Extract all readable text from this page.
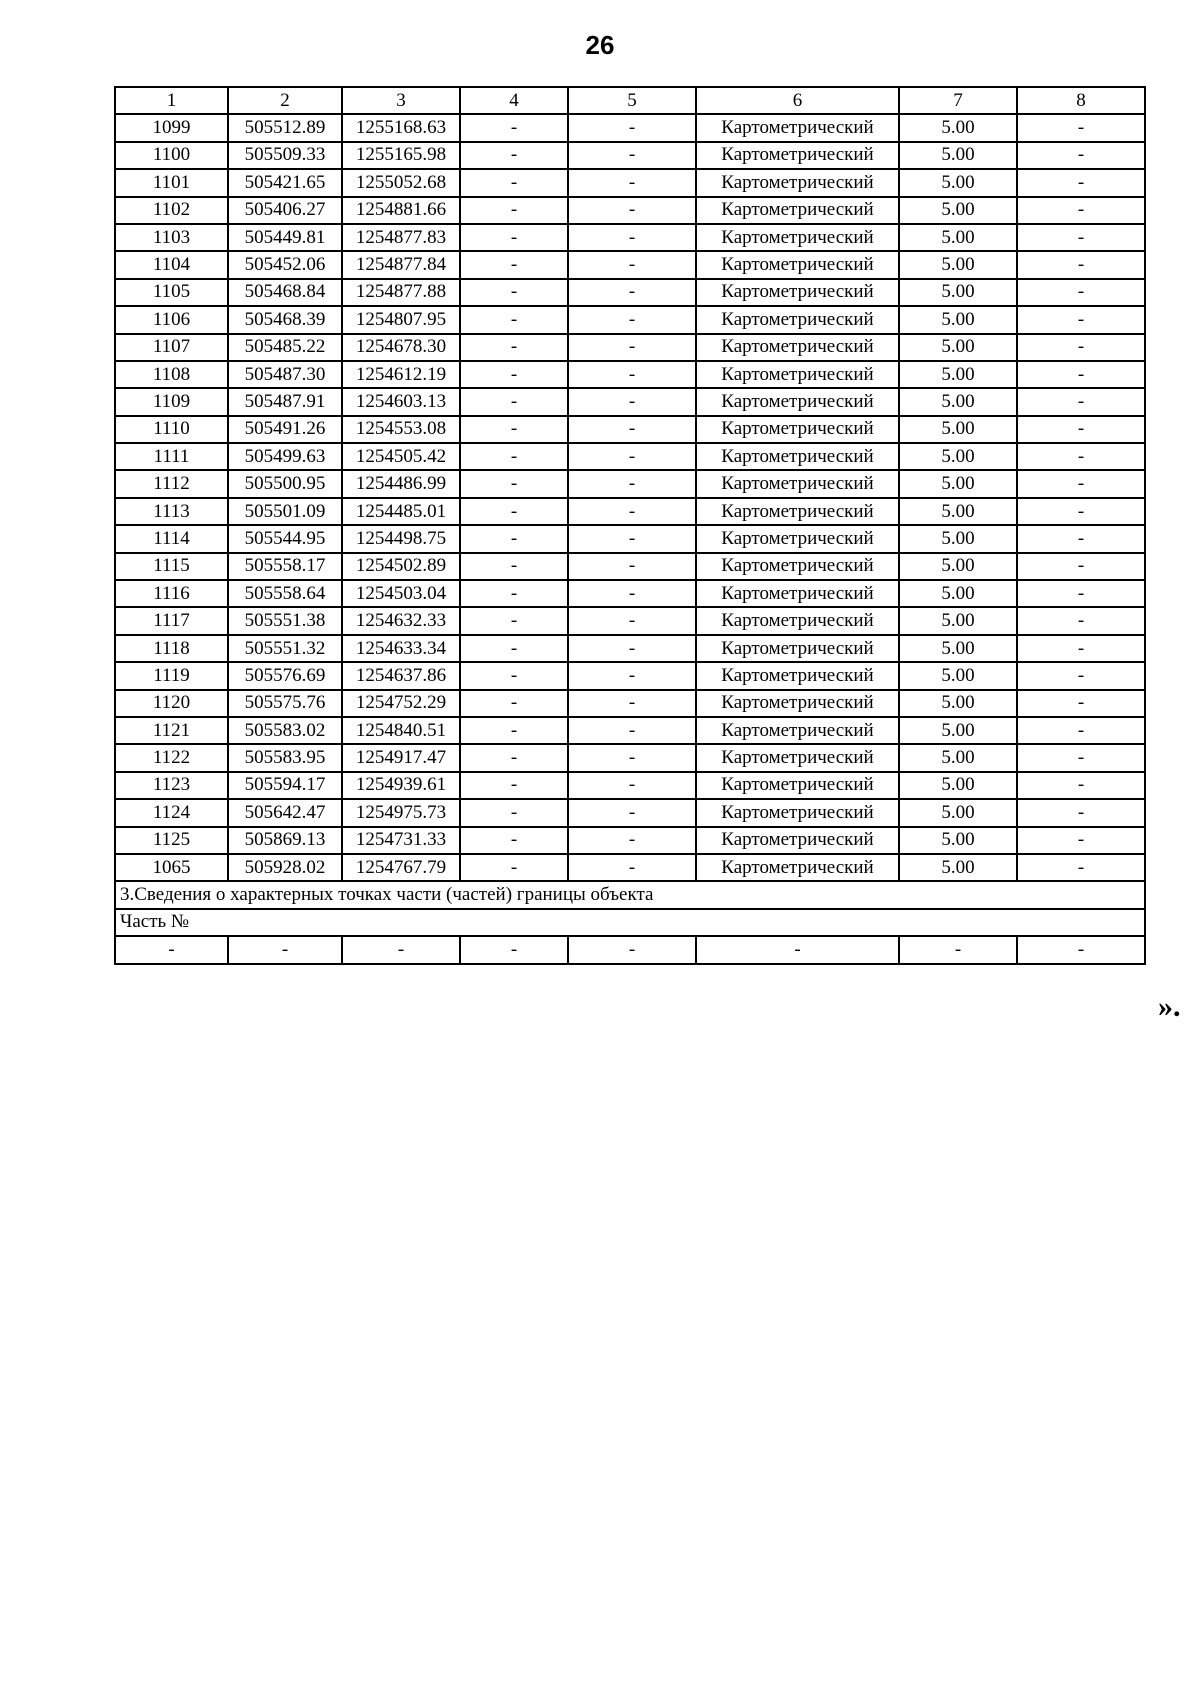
26
1	2	3	4	5	6	7	8
1099	505512.89	1255168.63	-	-	Картометрический	5.00	-
1100	505509.33	1255165.98	-	-	Картометрический	5.00	-
1101	505421.65	1255052.68	-	-	Картометрический	5.00	-
1102	505406.27	1254881.66	-	-	Картометрический	5.00	-
1103	505449.81	1254877.83	-	-	Картометрический	5.00	-
1104	505452.06	1254877.84	-	-	Картометрический	5.00	-
1105	505468.84	1254877.88	-	-	Картометрический	5.00	-
1106	505468.39	1254807.95	-	-	Картометрический	5.00	-
1107	505485.22	1254678.30	-	-	Картометрический	5.00	-
1108	505487.30	1254612.19	-	-	Картометрический	5.00	-
1109	505487.91	1254603.13	-	-	Картометрический	5.00	-
1110	505491.26	1254553.08	-	-	Картометрический	5.00	-
1111	505499.63	1254505.42	-	-	Картометрический	5.00	-
1112	505500.95	1254486.99	-	-	Картометрический	5.00	-
1113	505501.09	1254485.01	-	-	Картометрический	5.00	-
1114	505544.95	1254498.75	-	-	Картометрический	5.00	-
1115	505558.17	1254502.89	-	-	Картометрический	5.00	-
1116	505558.64	1254503.04	-	-	Картометрический	5.00	-
1117	505551.38	1254632.33	-	-	Картометрический	5.00	-
1118	505551.32	1254633.34	-	-	Картометрический	5.00	-
1119	505576.69	1254637.86	-	-	Картометрический	5.00	-
1120	505575.76	1254752.29	-	-	Картометрический	5.00	-
1121	505583.02	1254840.51	-	-	Картометрический	5.00	-
1122	505583.95	1254917.47	-	-	Картометрический	5.00	-
1123	505594.17	1254939.61	-	-	Картометрический	5.00	-
1124	505642.47	1254975.73	-	-	Картометрический	5.00	-
1125	505869.13	1254731.33	-	-	Картометрический	5.00	-
1065	505928.02	1254767.79	-	-	Картометрический	5.00	-
3.Сведения о характерных точках части (частей) границы объекта							
Часть №							
-	-	-	-	-	-	-	-
».
